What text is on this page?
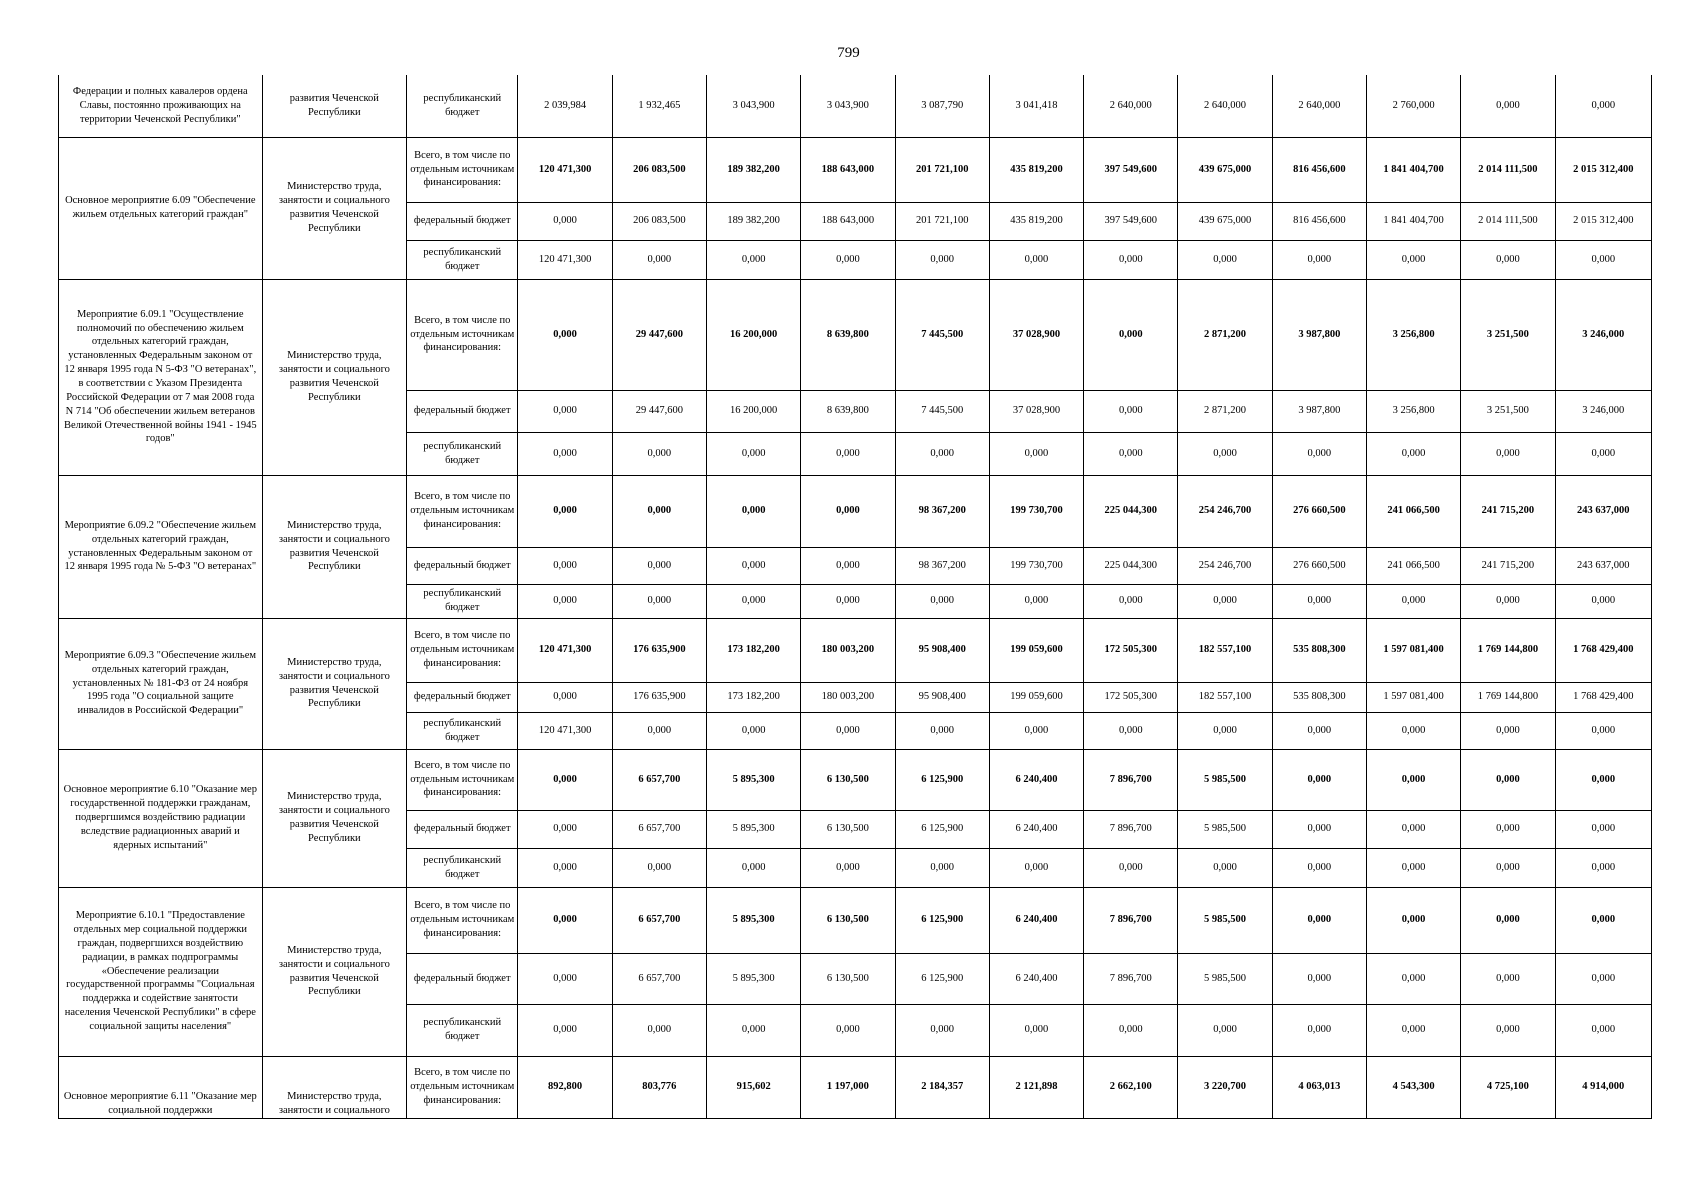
799
Федерации и полных кавалеров ордена Славы, постоянно проживающих на территории Чеченской Республики"	развития Чеченской Республики	республиканский бюджет	2 039,984	1 932,465	3 043,900	3 043,900	3 087,790	3 041,418	2 640,000	2 640,000	2 640,000	2 760,000	0,000	0,000
Основное мероприятие 6.09 "Обеспечение жильем отдельных категорий граждан"	Министерство труда, занятости и социального развития Чеченской Республики	Всего, в том числе по отдельным источникам финансирования:	120 471,300	206 083,500	189 382,200	188 643,000	201 721,100	435 819,200	397 549,600	439 675,000	816 456,600	1 841 404,700	2 014 111,500	2 015 312,400
		федеральный бюджет	0,000	206 083,500	189 382,200	188 643,000	201 721,100	435 819,200	397 549,600	439 675,000	816 456,600	1 841 404,700	2 014 111,500	2 015 312,400
		республиканский бюджет	120 471,300	0,000	0,000	0,000	0,000	0,000	0,000	0,000	0,000	0,000	0,000	0,000
Мероприятие 6.09.1 "Осуществление полномочий по обеспечению жильем отдельных категорий граждан, установленных Федеральным законом от 12 января 1995 года N 5-ФЗ "О ветеранах", в соответствии с Указом Президента Российской Федерации от 7 мая 2008 года N 714 "Об обеспечении жильем ветеранов Великой Отечественной войны 1941 - 1945 годов"	Министерство труда, занятости и социального развития Чеченской Республики	Всего, в том числе по отдельным источникам финансирования:	0,000	29 447,600	16 200,000	8 639,800	7 445,500	37 028,900	0,000	2 871,200	3 987,800	3 256,800	3 251,500	3 246,000
		федеральный бюджет	0,000	29 447,600	16 200,000	8 639,800	7 445,500	37 028,900	0,000	2 871,200	3 987,800	3 256,800	3 251,500	3 246,000
		республиканский бюджет	0,000	0,000	0,000	0,000	0,000	0,000	0,000	0,000	0,000	0,000	0,000	0,000
Мероприятие 6.09.2 "Обеспечение жильем отдельных категорий граждан, установленных Федеральным законом от 12 января 1995 года № 5-ФЗ "О ветеранах"	Министерство труда, занятости и социального развития Чеченской Республики	Всего, в том числе по отдельным источникам финансирования:	0,000	0,000	0,000	0,000	98 367,200	199 730,700	225 044,300	254 246,700	276 660,500	241 066,500	241 715,200	243 637,000
		федеральный бюджет	0,000	0,000	0,000	0,000	98 367,200	199 730,700	225 044,300	254 246,700	276 660,500	241 066,500	241 715,200	243 637,000
		республиканский бюджет	0,000	0,000	0,000	0,000	0,000	0,000	0,000	0,000	0,000	0,000	0,000	0,000
Мероприятие 6.09.3 "Обеспечение жильем отдельных категорий граждан, установленных № 181-ФЗ от 24 ноября 1995 года "О социальной защите инвалидов в Российской Федерации"	Министерство труда, занятости и социального развития Чеченской Республики	Всего, в том числе по отдельным источникам финансирования:	120 471,300	176 635,900	173 182,200	180 003,200	95 908,400	199 059,600	172 505,300	182 557,100	535 808,300	1 597 081,400	1 769 144,800	1 768 429,400
		федеральный бюджет	0,000	176 635,900	173 182,200	180 003,200	95 908,400	199 059,600	172 505,300	182 557,100	535 808,300	1 597 081,400	1 769 144,800	1 768 429,400
		республиканский бюджет	120 471,300	0,000	0,000	0,000	0,000	0,000	0,000	0,000	0,000	0,000	0,000	0,000
Основное мероприятие 6.10 "Оказание мер государственной поддержки гражданам, подвергшимся воздействию радиации вследствие радиационных аварий и ядерных испытаний"	Министерство труда, занятости и социального развития Чеченской Республики	Всего, в том числе по отдельным источникам финансирования:	0,000	6 657,700	5 895,300	6 130,500	6 125,900	6 240,400	7 896,700	5 985,500	0,000	0,000	0,000	0,000
		федеральный бюджет	0,000	6 657,700	5 895,300	6 130,500	6 125,900	6 240,400	7 896,700	5 985,500	0,000	0,000	0,000	0,000
		республиканский бюджет	0,000	0,000	0,000	0,000	0,000	0,000	0,000	0,000	0,000	0,000	0,000	0,000
Мероприятие 6.10.1 "Предоставление отдельных мер социальной поддержки граждан, подвергшихся воздействию радиации, в рамках подпрограммы «Обеспечение реализации государственной программы "Социальная поддержка и содействие занятости населения Чеченской Республики" в сфере социальной защиты населения"	Министерство труда, занятости и социального развития Чеченской Республики	Всего, в том числе по отдельным источникам финансирования:	0,000	6 657,700	5 895,300	6 130,500	6 125,900	6 240,400	7 896,700	5 985,500	0,000	0,000	0,000	0,000
		федеральный бюджет	0,000	6 657,700	5 895,300	6 130,500	6 125,900	6 240,400	7 896,700	5 985,500	0,000	0,000	0,000	0,000
		республиканский бюджет	0,000	0,000	0,000	0,000	0,000	0,000	0,000	0,000	0,000	0,000	0,000	0,000
Основное мероприятие 6.11 "Оказание мер социальной поддержки	Министерство труда, занятости и социального	Всего, в том числе по отдельным источникам финансирования:	892,800	803,776	915,602	1 197,000	2 184,357	2 121,898	2 662,100	3 220,700	4 063,013	4 543,300	4 725,100	4 914,000
